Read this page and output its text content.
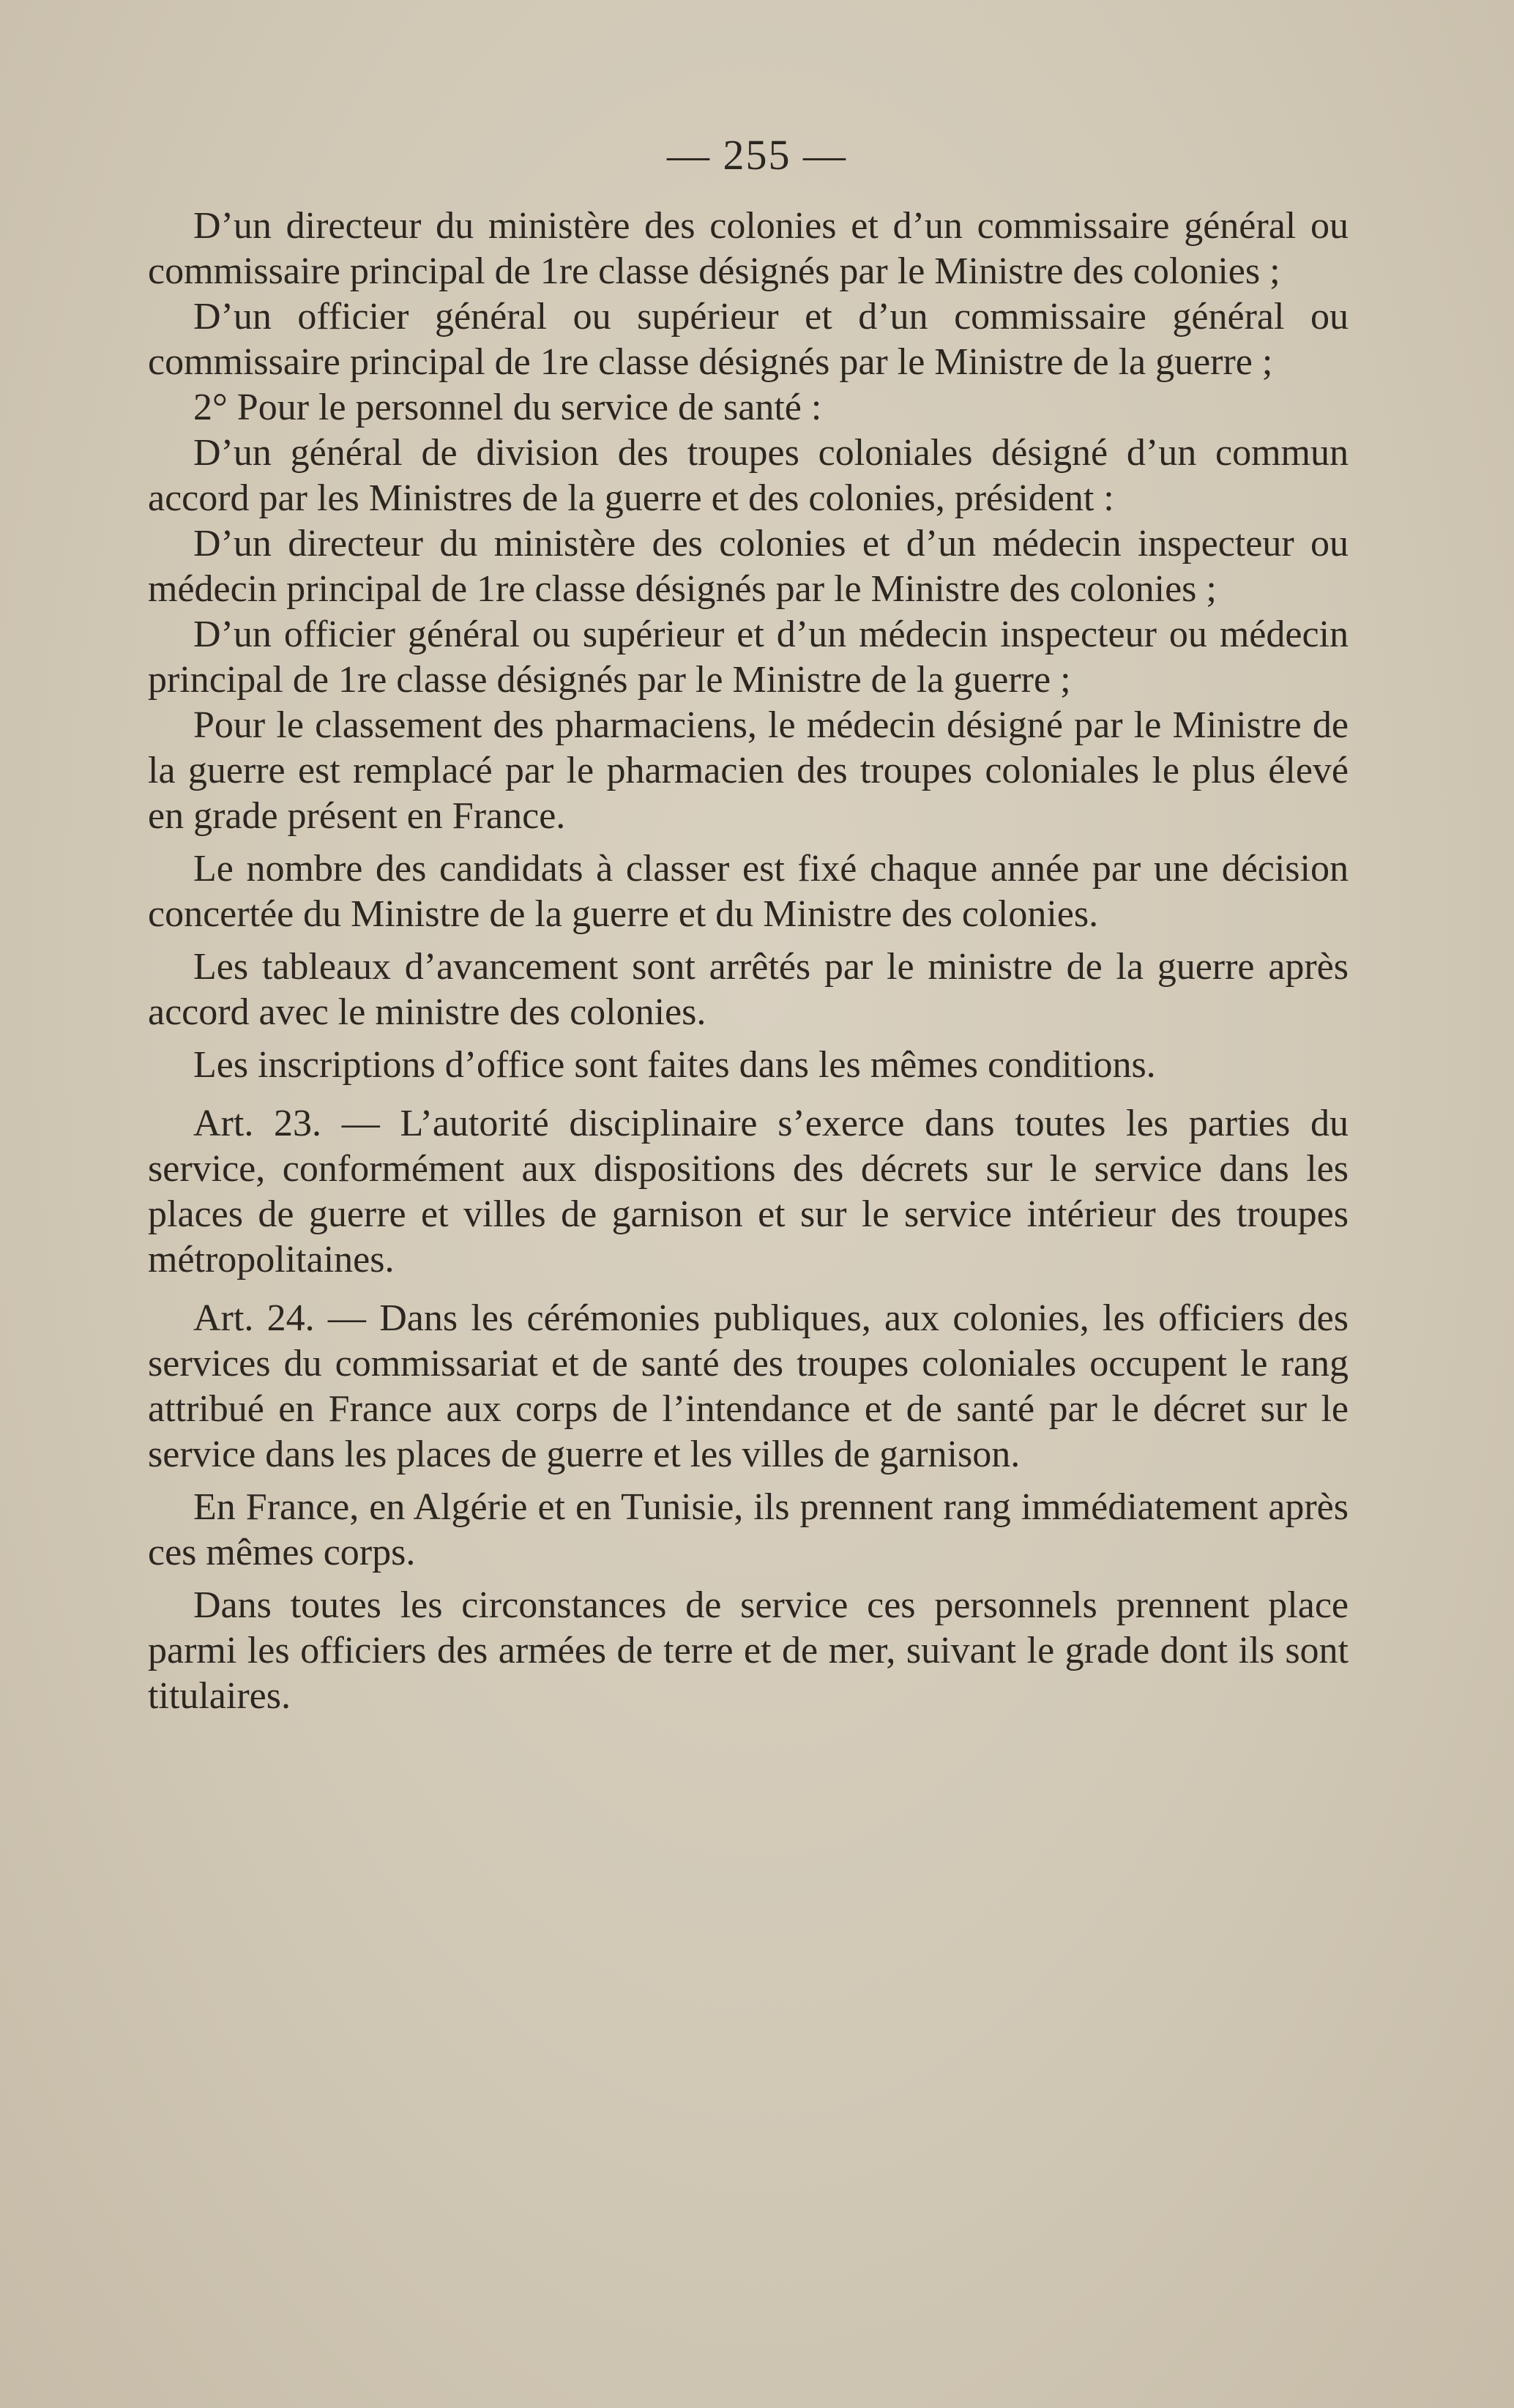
— 255 —

D’un directeur du ministère des colonies et d’un commissaire général ou commissaire principal de 1re classe désignés par le Ministre des colonies ;

D’un officier général ou supérieur et d’un commissaire général ou commissaire principal de 1re classe désignés par le Ministre de la guerre ;

2° Pour le personnel du service de santé :

D’un général de division des troupes coloniales désigné d’un commun accord par les Ministres de la guerre et des colonies, président :

D’un directeur du ministère des colonies et d’un médecin inspecteur ou médecin principal de 1re classe désignés par le Ministre des colonies ;

D’un officier général ou supérieur et d’un médecin inspecteur ou médecin principal de 1re classe désignés par le Ministre de la guerre ;

Pour le classement des pharmaciens, le médecin désigné par le Ministre de la guerre est remplacé par le pharmacien des troupes coloniales le plus élevé en grade présent en France.

Le nombre des candidats à classer est fixé chaque année par une décision concertée du Ministre de la guerre et du Ministre des colonies.

Les tableaux d’avancement sont arrêtés par le ministre de la guerre après accord avec le ministre des colonies.

Les inscriptions d’office sont faites dans les mêmes conditions.

Art. 23. — L’autorité disciplinaire s’exerce dans toutes les parties du service, conformément aux dispositions des décrets sur le service dans les places de guerre et villes de garnison et sur le service intérieur des troupes métropolitaines.

Art. 24. — Dans les cérémonies publiques, aux colonies, les officiers des services du commissariat et de santé des troupes coloniales occupent le rang attribué en France aux corps de l’intendance et de santé par le décret sur le service dans les places de guerre et les villes de garnison.

En France, en Algérie et en Tunisie, ils prennent rang immédiatement après ces mêmes corps.

Dans toutes les circonstances de service ces personnels prennent place parmi les officiers des armées de terre et de mer, suivant le grade dont ils sont titulaires.
